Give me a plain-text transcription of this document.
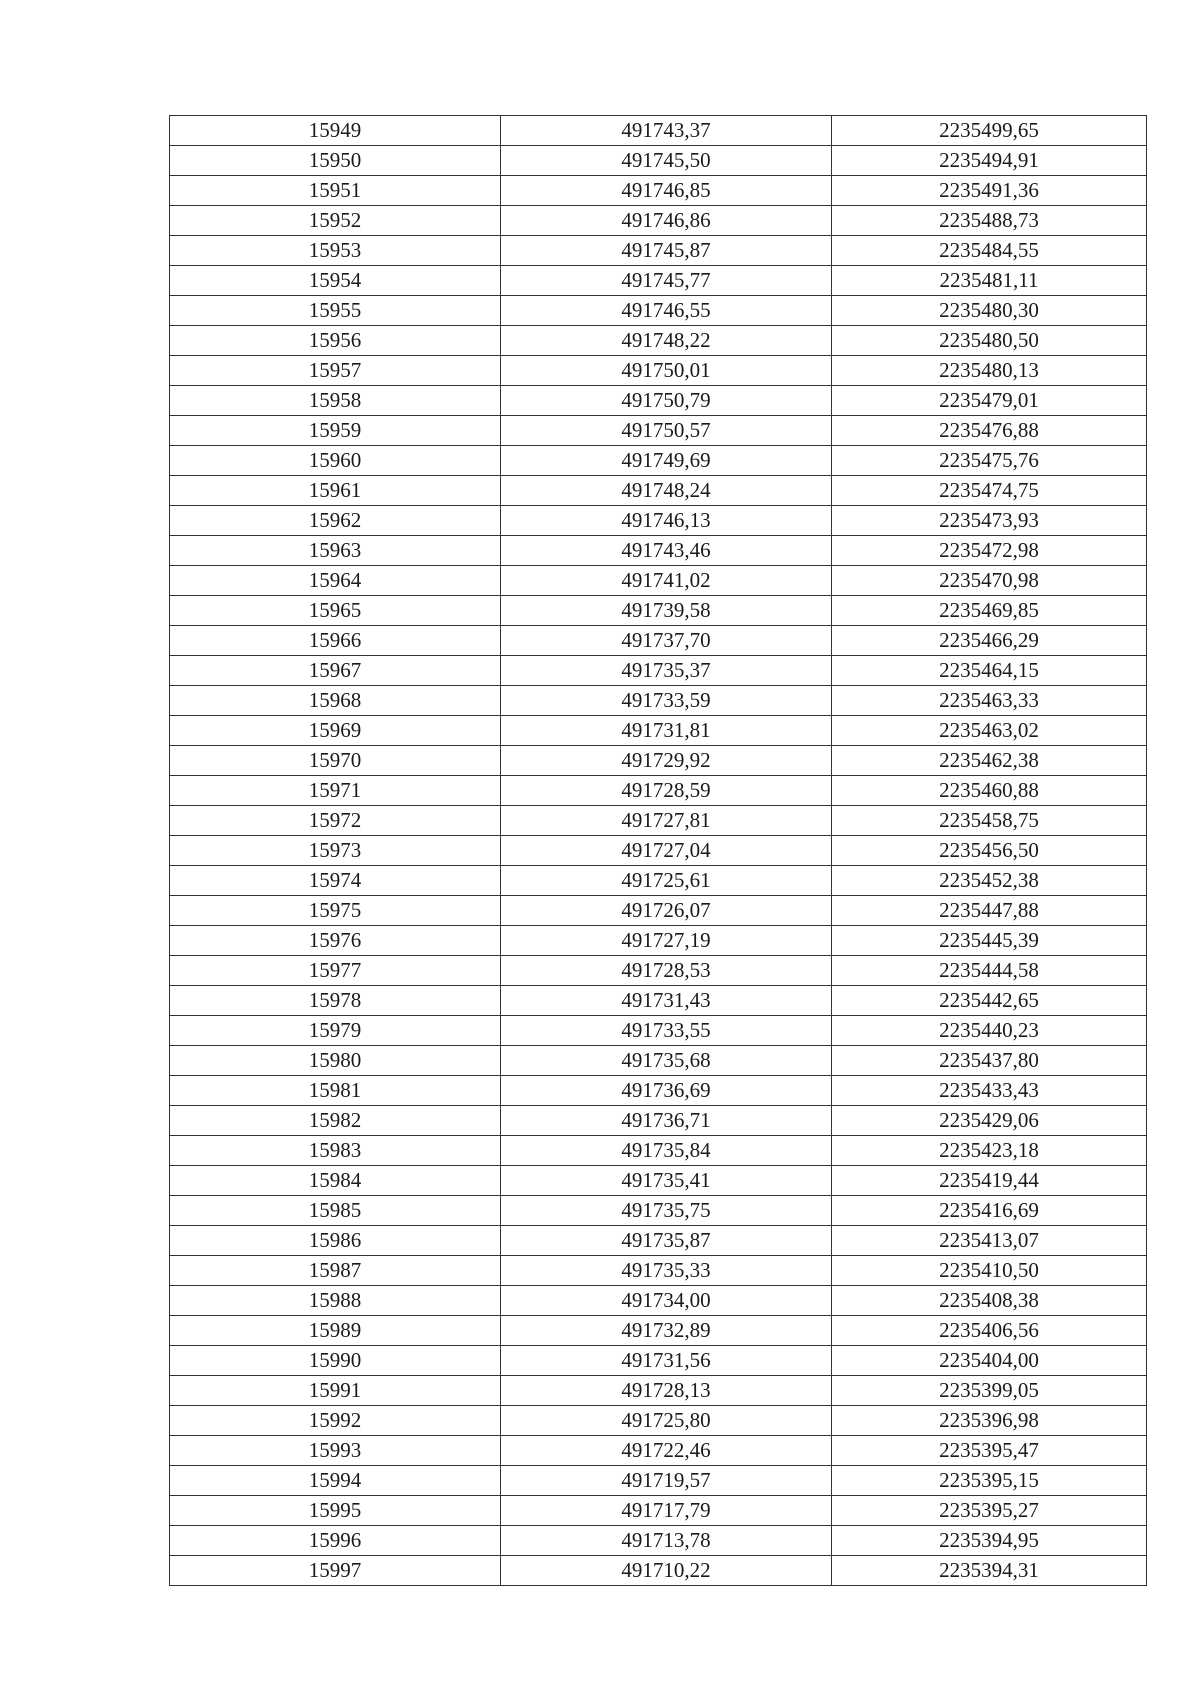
15949	491743,37	2235499,65
15950	491745,50	2235494,91
15951	491746,85	2235491,36
15952	491746,86	2235488,73
15953	491745,87	2235484,55
15954	491745,77	2235481,11
15955	491746,55	2235480,30
15956	491748,22	2235480,50
15957	491750,01	2235480,13
15958	491750,79	2235479,01
15959	491750,57	2235476,88
15960	491749,69	2235475,76
15961	491748,24	2235474,75
15962	491746,13	2235473,93
15963	491743,46	2235472,98
15964	491741,02	2235470,98
15965	491739,58	2235469,85
15966	491737,70	2235466,29
15967	491735,37	2235464,15
15968	491733,59	2235463,33
15969	491731,81	2235463,02
15970	491729,92	2235462,38
15971	491728,59	2235460,88
15972	491727,81	2235458,75
15973	491727,04	2235456,50
15974	491725,61	2235452,38
15975	491726,07	2235447,88
15976	491727,19	2235445,39
15977	491728,53	2235444,58
15978	491731,43	2235442,65
15979	491733,55	2235440,23
15980	491735,68	2235437,80
15981	491736,69	2235433,43
15982	491736,71	2235429,06
15983	491735,84	2235423,18
15984	491735,41	2235419,44
15985	491735,75	2235416,69
15986	491735,87	2235413,07
15987	491735,33	2235410,50
15988	491734,00	2235408,38
15989	491732,89	2235406,56
15990	491731,56	2235404,00
15991	491728,13	2235399,05
15992	491725,80	2235396,98
15993	491722,46	2235395,47
15994	491719,57	2235395,15
15995	491717,79	2235395,27
15996	491713,78	2235394,95
15997	491710,22	2235394,31
